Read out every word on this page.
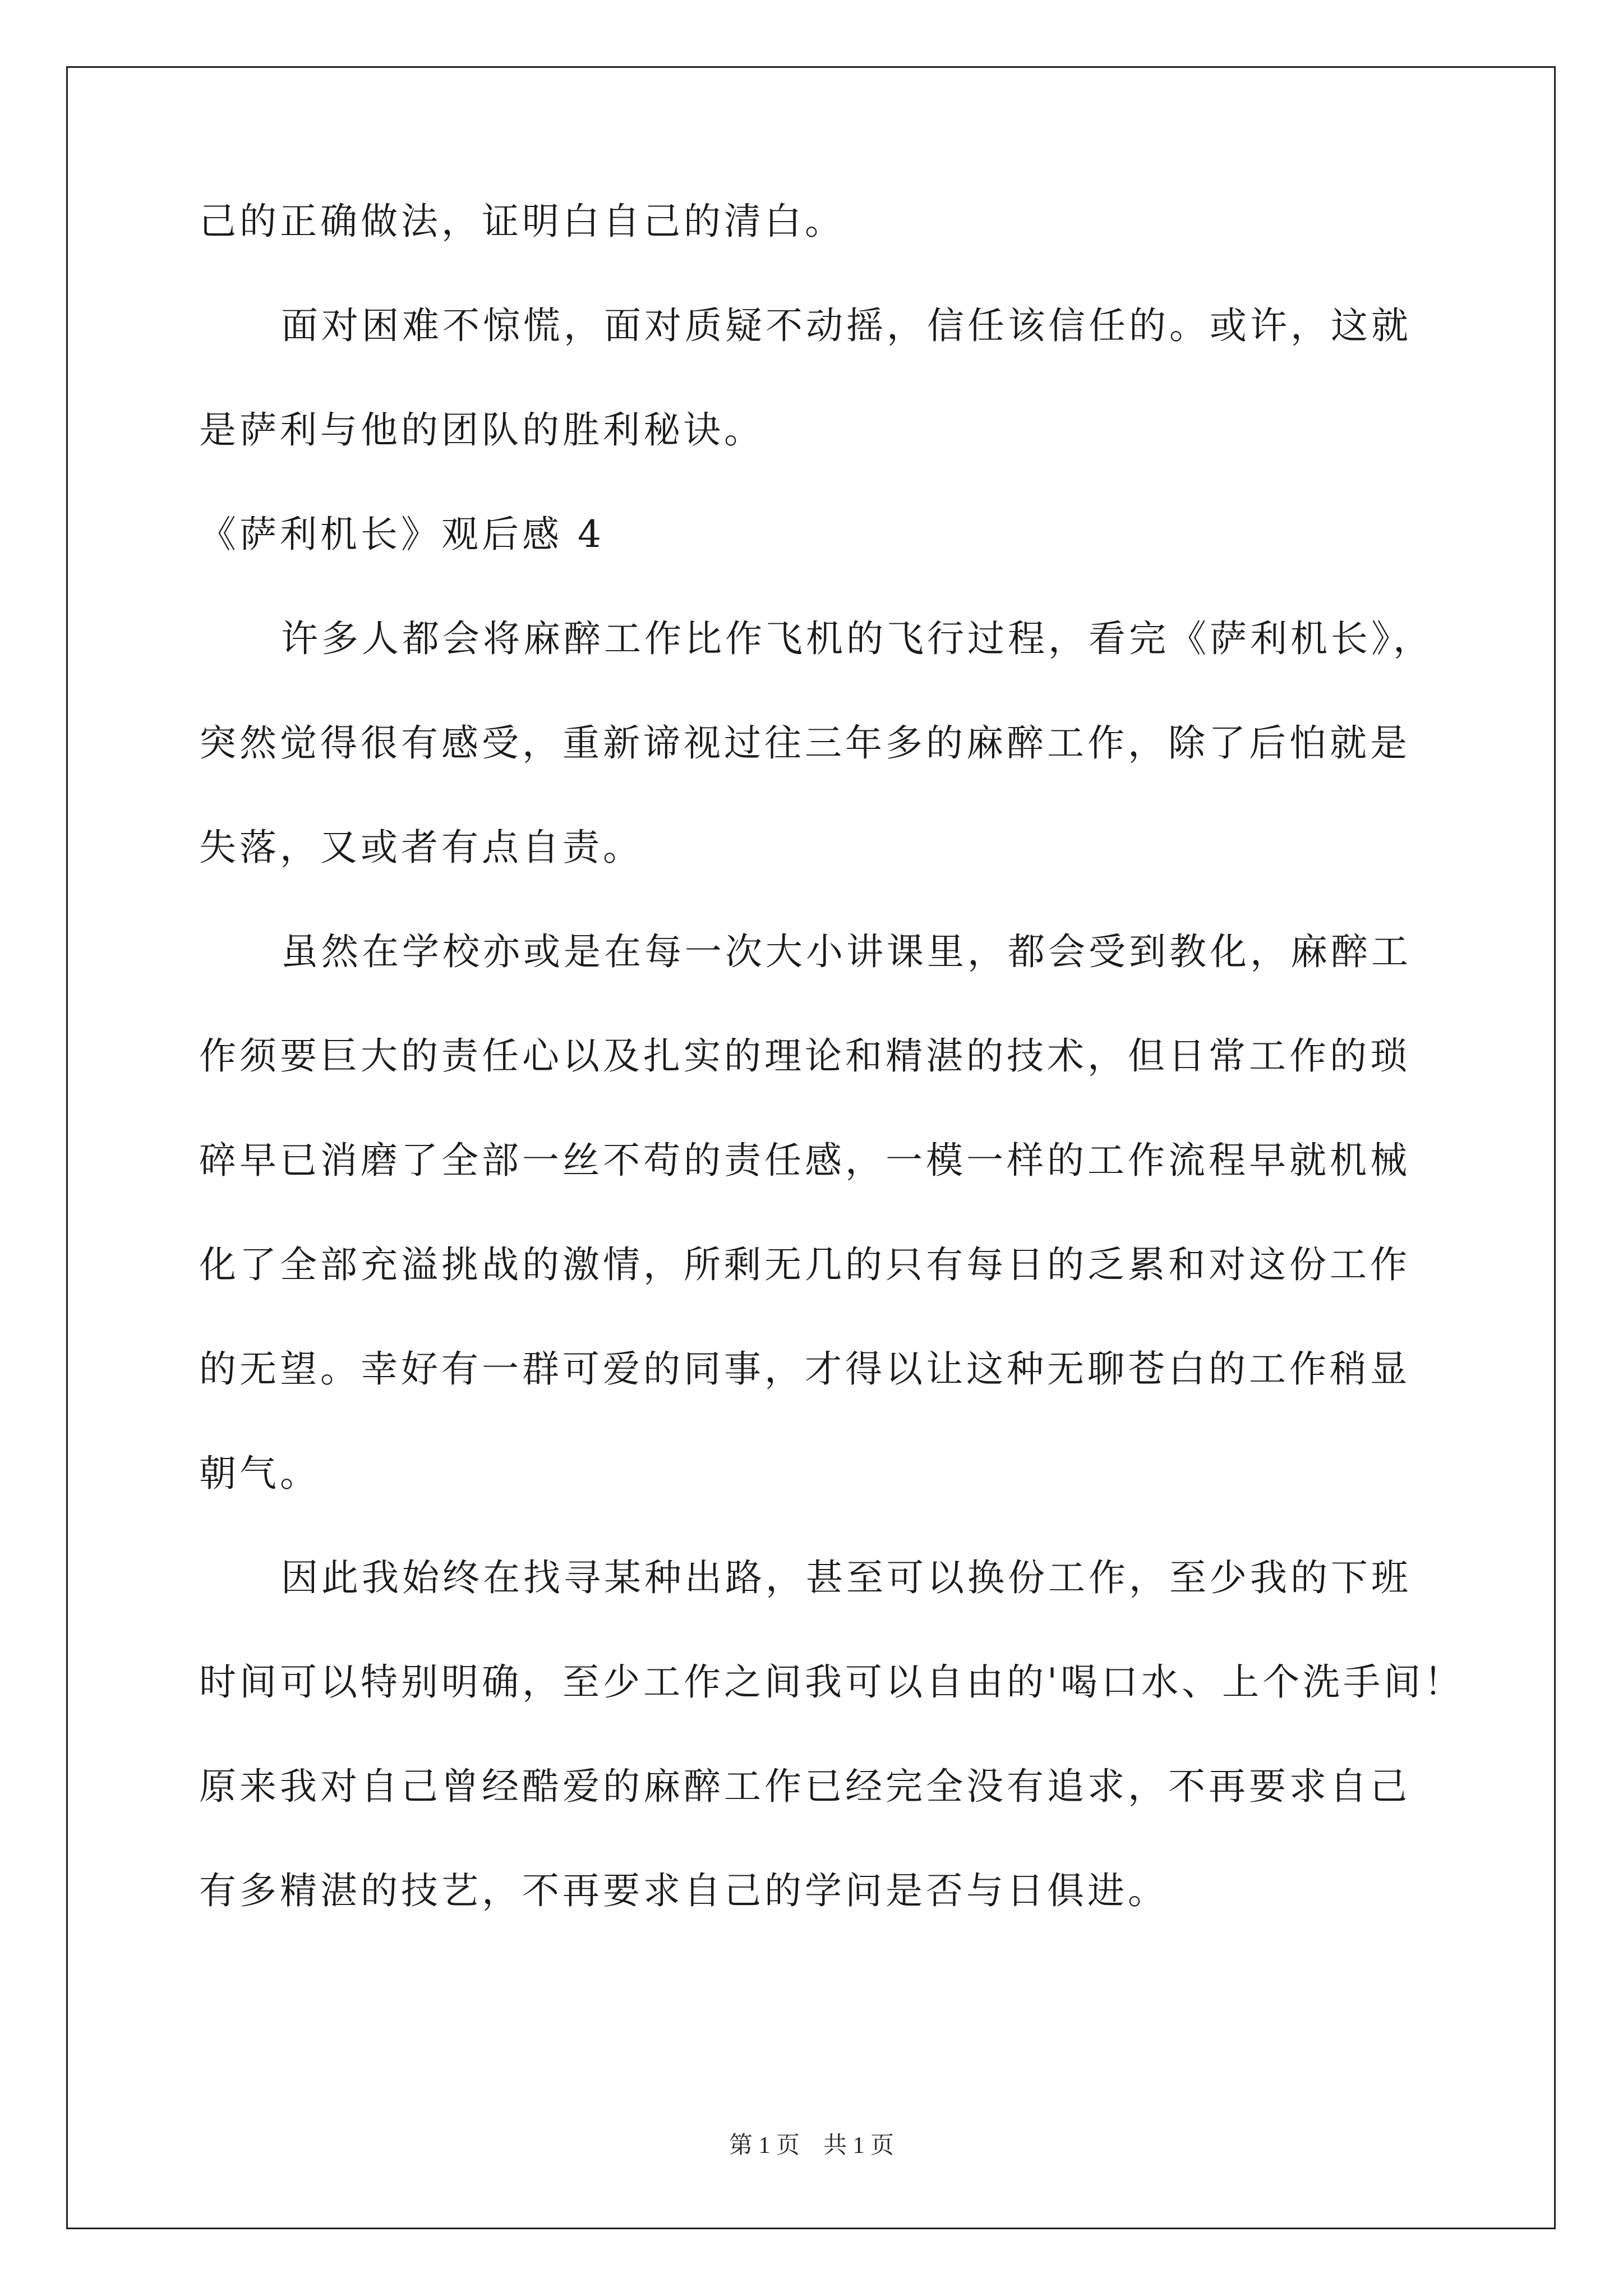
己的正确做法，证明白自己的清白。
面对困难不惊慌，面对质疑不动摇，信任该信任的。或许，这就
是萨利与他的团队的胜利秘诀。
《萨利机长》观后感 4
许多人都会将麻醉工作比作飞机的飞行过程，看完《萨利机长》，
突然觉得很有感受，重新谛视过往三年多的麻醉工作，除了后怕就是
失落，又或者有点自责。
虽然在学校亦或是在每一次大小讲课里，都会受到教化，麻醉工
作须要巨大的责任心以及扎实的理论和精湛的技术，但日常工作的琐
碎早已消磨了全部一丝不苟的责任感，一模一样的工作流程早就机械
化了全部充溢挑战的激情，所剩无几的只有每日的乏累和对这份工作
的无望。幸好有一群可爱的同事，才得以让这种无聊苍白的工作稍显
朝气。
因此我始终在找寻某种出路，甚至可以换份工作，至少我的下班
时间可以特别明确，至少工作之间我可以自由的'喝口水、上个洗手间！
原来我对自己曾经酷爱的麻醉工作已经完全没有追求，不再要求自己
有多精湛的技艺，不再要求自己的学问是否与日俱进。
第 1 页    共 1 页
